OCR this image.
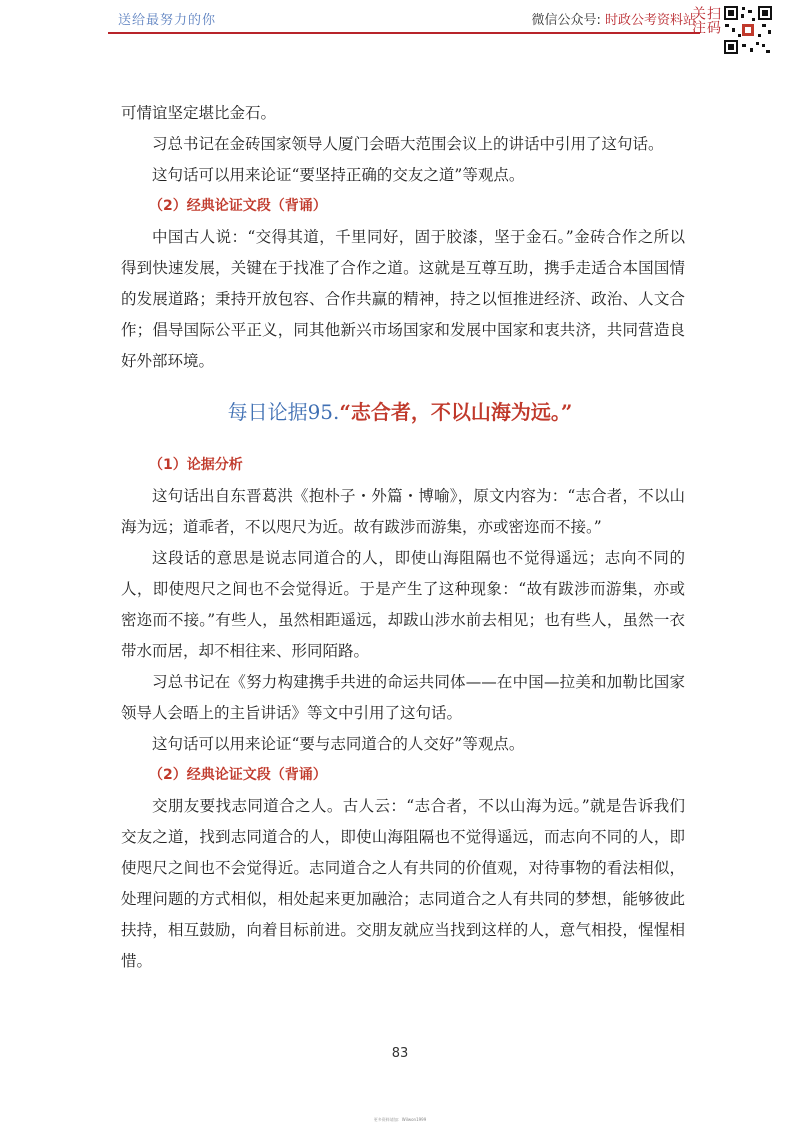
送给最努力的你	微信公众号: 时政公考资料站 扫码关注

可情谊坚定堪比金石。

习总书记在金砖国家领导人厦门会晤大范围会议上的讲话中引用了这句话。

这句话可以用来论证“要坚持正确的交友之道”等观点。

（2）经典论证文段（背诵）

中国古人说：“交得其道，千里同好，固于胶漆，坚于金石。”金砖合作之所以得到快速发展，关键在于找准了合作之道。这就是互尊互助，携手走适合本国国情的发展道路；秉持开放包容、合作共赢的精神，持之以恒推进经济、政治、人文合作；倡导国际公平正义，同其他新兴市场国家和发展中国家和衷共济，共同营造良好外部环境。

每日论据95.“志合者，不以山海为远。”

（1）论据分析

这句话出自东晋葛洪《抱朴子・外篇・博喻》，原文内容为：“志合者，不以山海为远；道乖者，不以咫尺为近。故有跋涉而游集，亦或密迩而不接。”

这段话的意思是说志同道合的人，即使山海阻隔也不觉得遥远；志向不同的人，即使咫尺之间也不会觉得近。于是产生了这种现象：“故有跋涉而游集，亦或密迩而不接。”有些人，虽然相距遥远，却跋山涉水前去相见；也有些人，虽然一衣带水而居，却不相往来、形同陌路。

习总书记在《努力构建携手共进的命运共同体——在中国—拉美和加勒比国家领导人会晤上的主旨讲话》等文中引用了这句话。

这句话可以用来论证“要与志同道合的人交好”等观点。

（2）经典论证文段（背诵）

交朋友要找志同道合之人。古人云：“志合者，不以山海为远。”就是告诉我们交友之道，找到志同道合的人，即使山海阻隔也不觉得遥远，而志向不同的人，即使咫尺之间也不会觉得近。志同道合之人有共同的价值观，对待事物的看法相似，处理问题的方式相似，相处起来更加融洽；志同道合之人有共同的梦想，能够彼此扶持，相互鼓励，向着目标前进。交朋友就应当找到这样的人，意气相投，惺惺相惜。

83
更多资料请加：Wilwon1999
